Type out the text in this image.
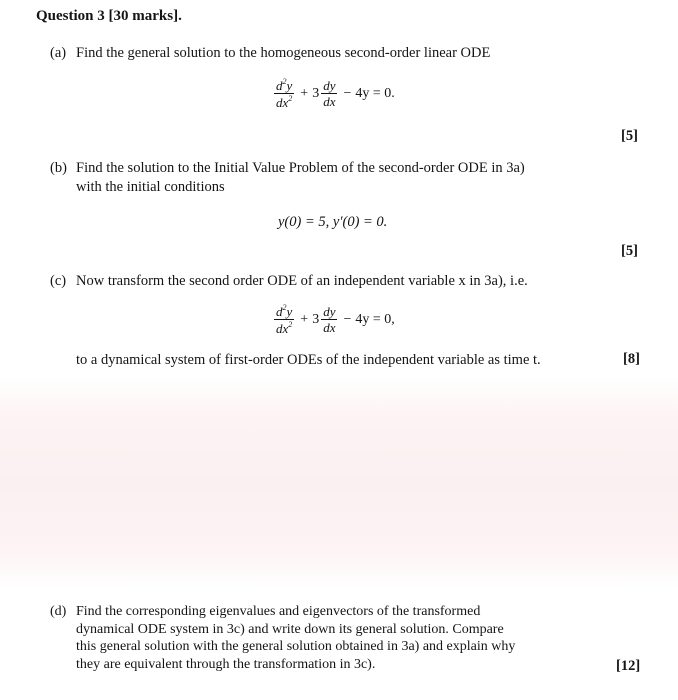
Question 3 [30 marks].
(a) Find the general solution to the homogeneous second-order linear ODE
$\frac{d^2y}{dx^2} + 3 \frac{dy}{dx} - 4y = 0$.
[5]
(b) Find the solution to the Initial Value Problem of the second-order ODE in 3a)
with the initial conditions
y(0) = 5, y′(0) = 0.
[5]
(c) Now transform the second order ODE of an independent variable x in 3a), i.e.
$\frac{d^2y}{dx^2} + 3 \frac{dy}{dx} - 4y = 0$,
to a dynamical system of first-order ODEs of the independent variable as time t.	[8]
(d) Find the corresponding eigenvalues and eigenvectors of the transformed
dynamical ODE system in 3c) and write down its general solution. Compare
this general solution with the general solution obtained in 3a) and explain why
they are equivalent through the transformation in 3c).	[12]
